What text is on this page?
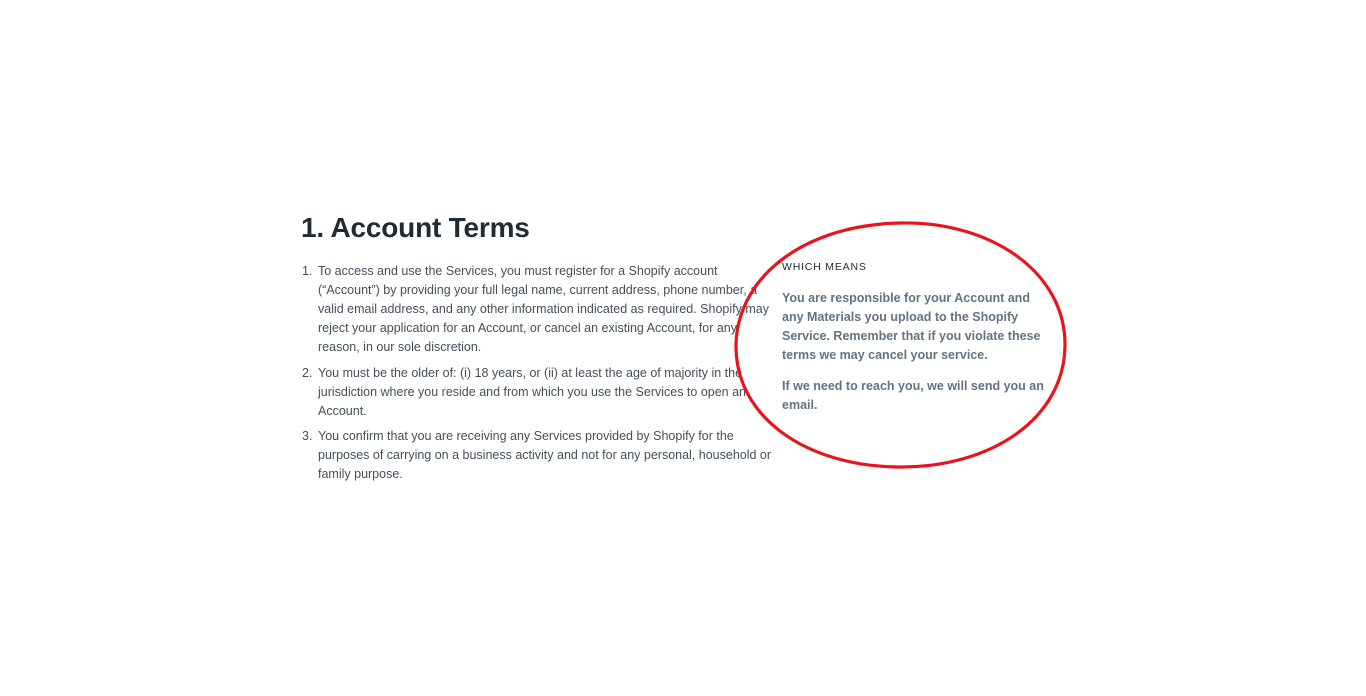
1. Account Terms
1. To access and use the Services, you must register for a Shopify account (“Account”) by providing your full legal name, current address, phone number, a valid email address, and any other information indicated as required. Shopify may reject your application for an Account, or cancel an existing Account, for any reason, in our sole discretion.
2. You must be the older of: (i) 18 years, or (ii) at least the age of majority in the jurisdiction where you reside and from which you use the Services to open an Account.
3. You confirm that you are receiving any Services provided by Shopify for the purposes of carrying on a business activity and not for any personal, household or family purpose.
WHICH MEANS

You are responsible for your Account and any Materials you upload to the Shopify Service. Remember that if you violate these terms we may cancel your service.

If we need to reach you, we will send you an email.
